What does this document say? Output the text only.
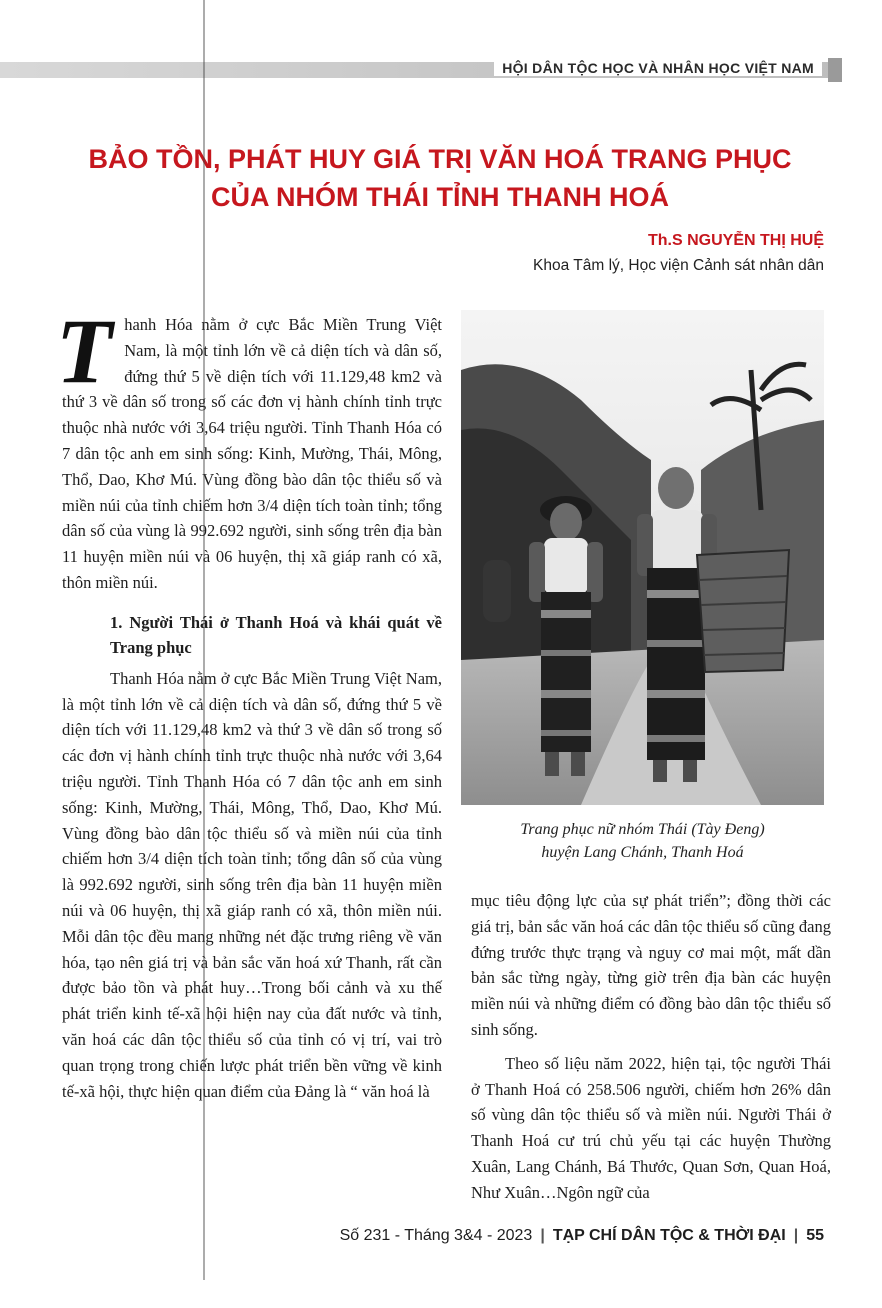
HỘI DÂN TỘC HỌC VÀ NHÂN HỌC VIỆT NAM
BẢO TỒN, PHÁT HUY GIÁ TRỊ VĂN HOÁ TRANG PHỤC
CỦA NHÓM THÁI TỈNH THANH HOÁ
Th.S NGUYỄN THỊ HUỆ
Khoa Tâm lý, Học viện Cảnh sát nhân dân

Thanh Hóa nằm ở cực Bắc Miền Trung Việt Nam, là một tỉnh lớn về cả diện tích và dân số, đứng thứ 5 về diện tích với 11.129,48 km2 và thứ 3 về dân số trong số các đơn vị hành chính tỉnh trực thuộc nhà nước với 3,64 triệu người. Tỉnh Thanh Hóa có 7 dân tộc anh em sinh sống: Kinh, Mường, Thái, Mông, Thổ, Dao, Khơ Mú. Vùng đồng bào dân tộc thiểu số và miền núi của tỉnh chiếm hơn 3/4 diện tích toàn tỉnh; tổng dân số của vùng là 992.692 người, sinh sống trên địa bàn 11 huyện miền núi và 06 huyện, thị xã giáp ranh có xã, thôn miền núi.

1. Người Thái ở Thanh Hoá và khái quát về Trang phục

Thanh Hóa nằm ở cực Bắc Miền Trung Việt Nam, là một tỉnh lớn về cả diện tích và dân số, đứng thứ 5 về diện tích với 11.129,48 km2 và thứ 3 về dân số trong số các đơn vị hành chính tỉnh trực thuộc nhà nước với 3,64 triệu người. Tỉnh Thanh Hóa có 7 dân tộc anh em sinh sống: Kinh, Mường, Thái, Mông, Thổ, Dao, Khơ Mú. Vùng đồng bào dân tộc thiểu số và miền núi của tỉnh chiếm hơn 3/4 diện tích toàn tỉnh; tổng dân số của vùng là 992.692 người, sinh sống trên địa bàn 11 huyện miền núi và 06 huyện, thị xã giáp ranh có xã, thôn miền núi. Mỗi dân tộc đều mang những nét đặc trưng riêng về văn hóa, tạo nên giá trị và bản sắc văn hoá xứ Thanh, rất cần được bảo tồn và phát huy…Trong bối cảnh và xu thế phát triển kinh tế-xã hội hiện nay của đất nước và tỉnh, văn hoá các dân tộc thiểu số của tỉnh có vị trí, vai trò quan trọng trong chiến lược phát triển bền vững về kinh tế-xã hội, thực hiện quan điểm của Đảng là “ văn hoá là

Trang phục nữ nhóm Thái (Tày Đeng)
huyện Lang Chánh, Thanh Hoá

mục tiêu động lực của sự phát triển”; đồng thời các giá trị, bản sắc văn hoá các dân tộc thiểu số cũng đang đứng trước thực trạng và nguy cơ mai một, mất dần bản sắc từng ngày, từng giờ trên địa bàn các huyện miền núi và những điểm có đồng bào dân tộc thiểu số sinh sống.

Theo số liệu năm 2022, hiện tại, tộc người Thái ở Thanh Hoá có 258.506 người, chiếm hơn 26% dân số vùng dân tộc thiểu số và miền núi. Người Thái ở Thanh Hoá cư trú chủ yếu tại các huyện Thường Xuân, Lang Chánh, Bá Thước, Quan Sơn, Quan Hoá, Như Xuân…Ngôn ngữ của

Số 231 - Tháng 3&4 - 2023 | TẠP CHÍ DÂN TỘC & THỜI ĐẠI | 55
